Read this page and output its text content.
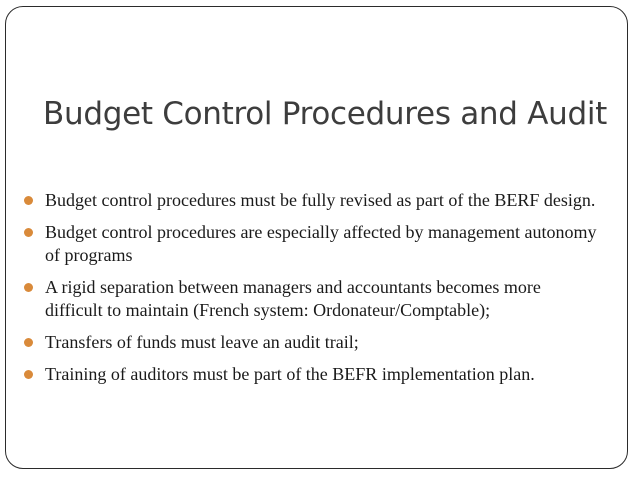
Budget Control Procedures and Audit
Budget control procedures must be fully revised as part of the BERF design.
Budget control procedures are especially affected by management autonomy of programs
A rigid separation between managers and accountants becomes more difficult to maintain (French system: Ordonateur/Comptable);
Transfers of funds must leave an audit trail;
Training of auditors must be part of the BEFR implementation plan.
